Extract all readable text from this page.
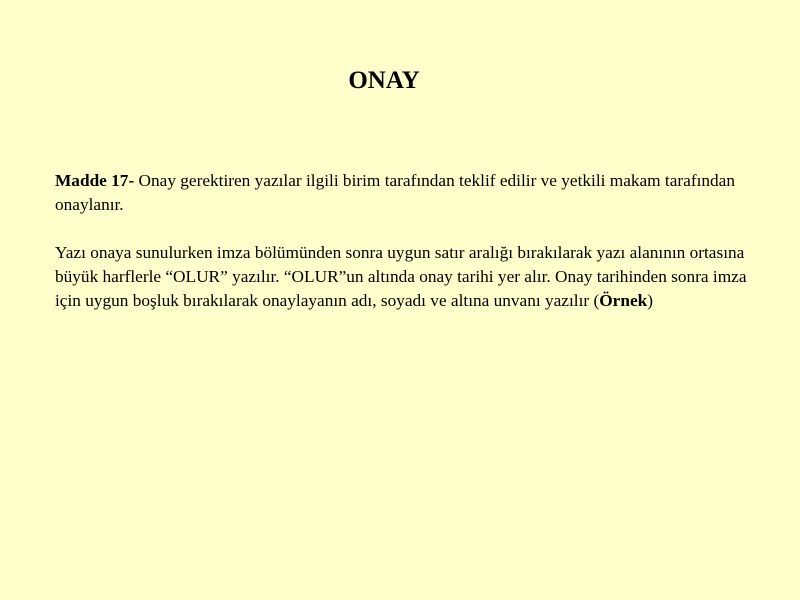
ONAY

Madde 17- Onay gerektiren yazılar ilgili birim tarafından teklif edilir ve yetkili makam tarafından onaylanır.

Yazı onaya sunulurken imza bölümünden sonra uygun satır aralığı bırakılarak yazı alanının ortasına büyük harflerle “OLUR” yazılır. “OLUR”un altında onay tarihi yer alır. Onay tarihinden sonra imza için uygun boşluk bırakılarak onaylayanın adı, soyadı ve altına unvanı yazılır (Örnek)
